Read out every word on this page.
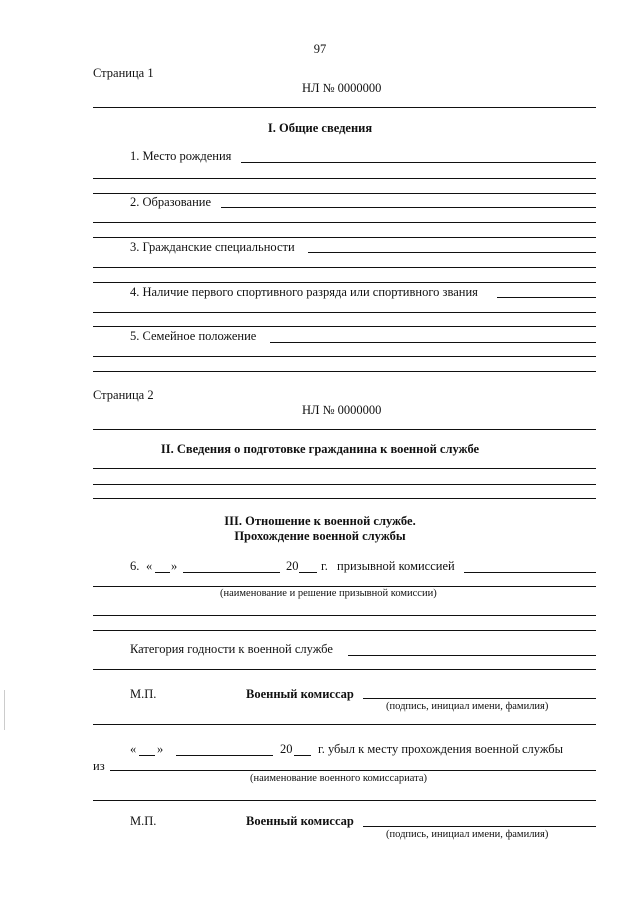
97
Страница 1
НЛ № 0000000
I. Общие сведения
1. Место рождения
2. Образование
3. Гражданские специальности
4. Наличие первого спортивного разряда или спортивного звания
5. Семейное положение
Страница 2
НЛ № 0000000
II. Сведения о подготовке гражданина к военной службе
III. Отношение к военной службе.
Прохождение военной службы
6. « »	20 г. призывной комиссией
(наименование и решение призывной комиссии)
Категория годности к военной службе
М.П.	Военный комиссар
(подпись, инициал имени, фамилия)
« »	20 г. убыл к месту прохождения военной службы
из
(наименование военного комиссариата)
М.П.	Военный комиссар
(подпись, инициал имени, фамилия)
